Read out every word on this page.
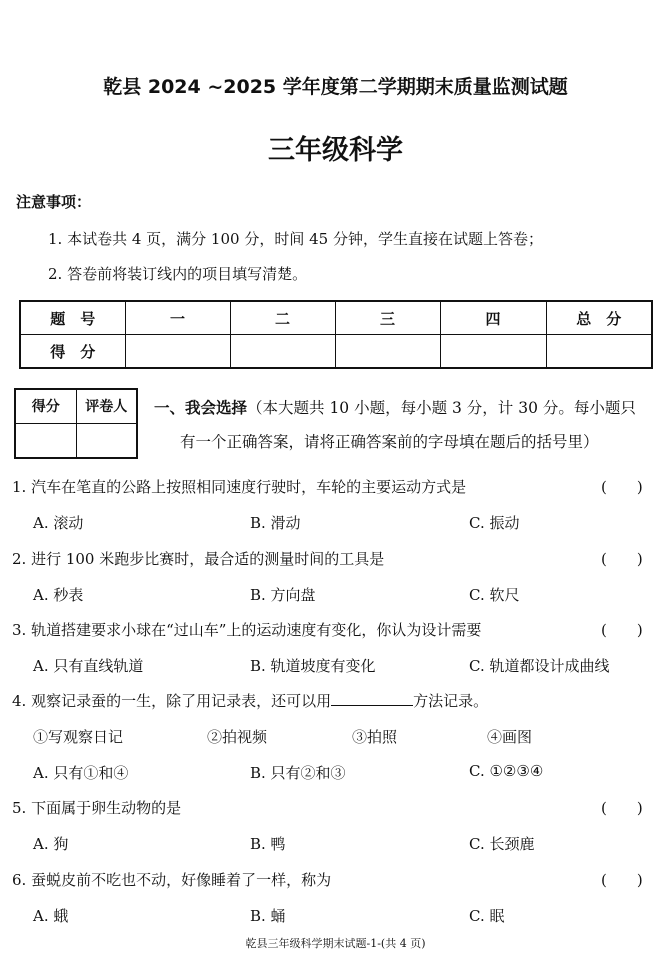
乾县 2024 ~2025 学年度第二学期期末质量监测试题
三年级科学
注意事项：
1. 本试卷共 4 页，满分 100 分，时间 45 分钟，学生直接在试题上答卷；
2. 答卷前将装订线内的项目填写清楚。
题　号	一	二	三	四	总　分
得　分					
得分	评卷人
	一、我会选择（本大题共 10 小题，每小题 3 分，计 30 分。每小题只
有一个正确答案，请将正确答案前的字母填在题后的括号里）
1. 汽车在笔直的公路上按照相同速度行驶时，车轮的主要运动方式是	(　　)
A. 滚动	B. 滑动	C. 振动
2. 进行 100 米跑步比赛时，最合适的测量时间的工具是	(　　)
A. 秒表	B. 方向盘	C. 软尺
3. 轨道搭建要求小球在“过山车”上的运动速度有变化，你认为设计需要	(　　)
A. 只有直线轨道	B. 轨道坡度有变化	C. 轨道都设计成曲线
4. 观察记录蚕的一生，除了用记录表，还可以用	方法记录。
①写观察日记	②拍视频	③拍照	④画图
A. 只有①和④	B. 只有②和③	C. ①②③④
5. 下面属于卵生动物的是	(　　)
A. 狗	B. 鸭	C. 长颈鹿
6. 蚕蜕皮前不吃也不动，好像睡着了一样，称为	(　　)
A. 蛾	B. 蛹	C. 眠
乾县三年级科学期末试题-1-(共 4 页)
